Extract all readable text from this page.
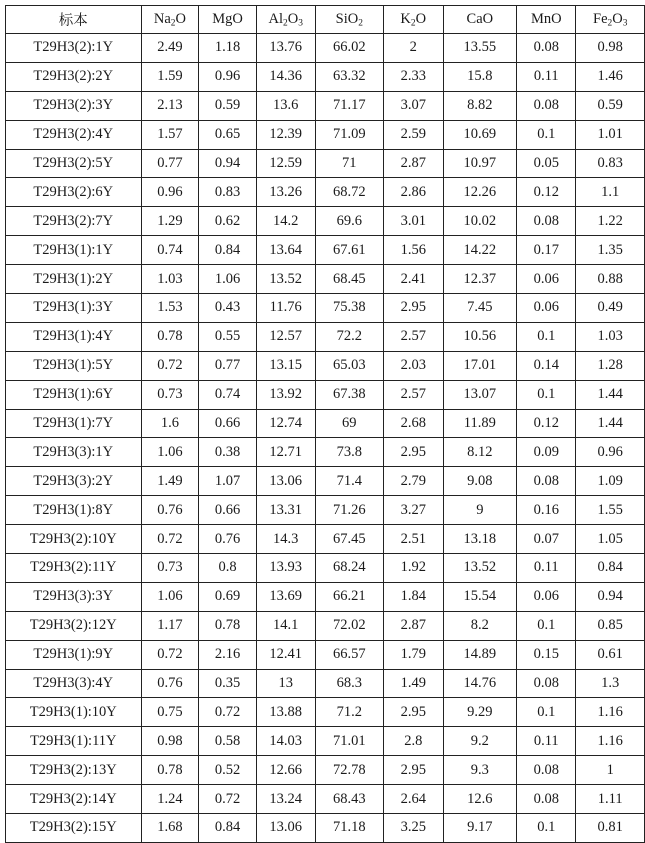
标本	$Na_2O$	MgO	$Al_2O_3$	SiO$_2$	$K_2O$	CaO	MnO	$Fe_2O_3$
T29H3(2):1Y	2.49	1.18	13.76	66.02	2	13.55	0.08	0.98
T29H3(2):2Y	1.59	0.96	14.36	63.32	2.33	15.8	0.11	1.46
T29H3(2):3Y	2.13	0.59	13.6	71.17	3.07	8.82	0.08	0.59
T29H3(2):4Y	1.57	0.65	12.39	71.09	2.59	10.69	0.1	1.01
T29H3(2):5Y	0.77	0.94	12.59	71	2.87	10.97	0.05	0.83
T29H3(2):6Y	0.96	0.83	13.26	68.72	2.86	12.26	0.12	1.1
T29H3(2):7Y	1.29	0.62	14.2	69.6	3.01	10.02	0.08	1.22
T29H3(1):1Y	0.74	0.84	13.64	67.61	1.56	14.22	0.17	1.35
T29H3(1):2Y	1.03	1.06	13.52	68.45	2.41	12.37	0.06	0.88
T29H3(1):3Y	1.53	0.43	11.76	75.38	2.95	7.45	0.06	0.49
T29H3(1):4Y	0.78	0.55	12.57	72.2	2.57	10.56	0.1	1.03
T29H3(1):5Y	0.72	0.77	13.15	65.03	2.03	17.01	0.14	1.28
T29H3(1):6Y	0.73	0.74	13.92	67.38	2.57	13.07	0.1	1.44
T29H3(1):7Y	1.6	0.66	12.74	69	2.68	11.89	0.12	1.44
T29H3(3):1Y	1.06	0.38	12.71	73.8	2.95	8.12	0.09	0.96
T29H3(3):2Y	1.49	1.07	13.06	71.4	2.79	9.08	0.08	1.09
T29H3(1):8Y	0.76	0.66	13.31	71.26	3.27	9	0.16	1.55
T29H3(2):10Y	0.72	0.76	14.3	67.45	2.51	13.18	0.07	1.05
T29H3(2):11Y	0.73	0.8	13.93	68.24	1.92	13.52	0.11	0.84
T29H3(3):3Y	1.06	0.69	13.69	66.21	1.84	15.54	0.06	0.94
T29H3(2):12Y	1.17	0.78	14.1	72.02	2.87	8.2	0.1	0.85
T29H3(1):9Y	0.72	2.16	12.41	66.57	1.79	14.89	0.15	0.61
T29H3(3):4Y	0.76	0.35	13	68.3	1.49	14.76	0.08	1.3
T29H3(1):10Y	0.75	0.72	13.88	71.2	2.95	9.29	0.1	1.16
T29H3(1):11Y	0.98	0.58	14.03	71.01	2.8	9.2	0.11	1.16
T29H3(2):13Y	0.78	0.52	12.66	72.78	2.95	9.3	0.08	1
T29H3(2):14Y	1.24	0.72	13.24	68.43	2.64	12.6	0.08	1.11
T29H3(2):15Y	1.68	0.84	13.06	71.18	3.25	9.17	0.1	0.81
